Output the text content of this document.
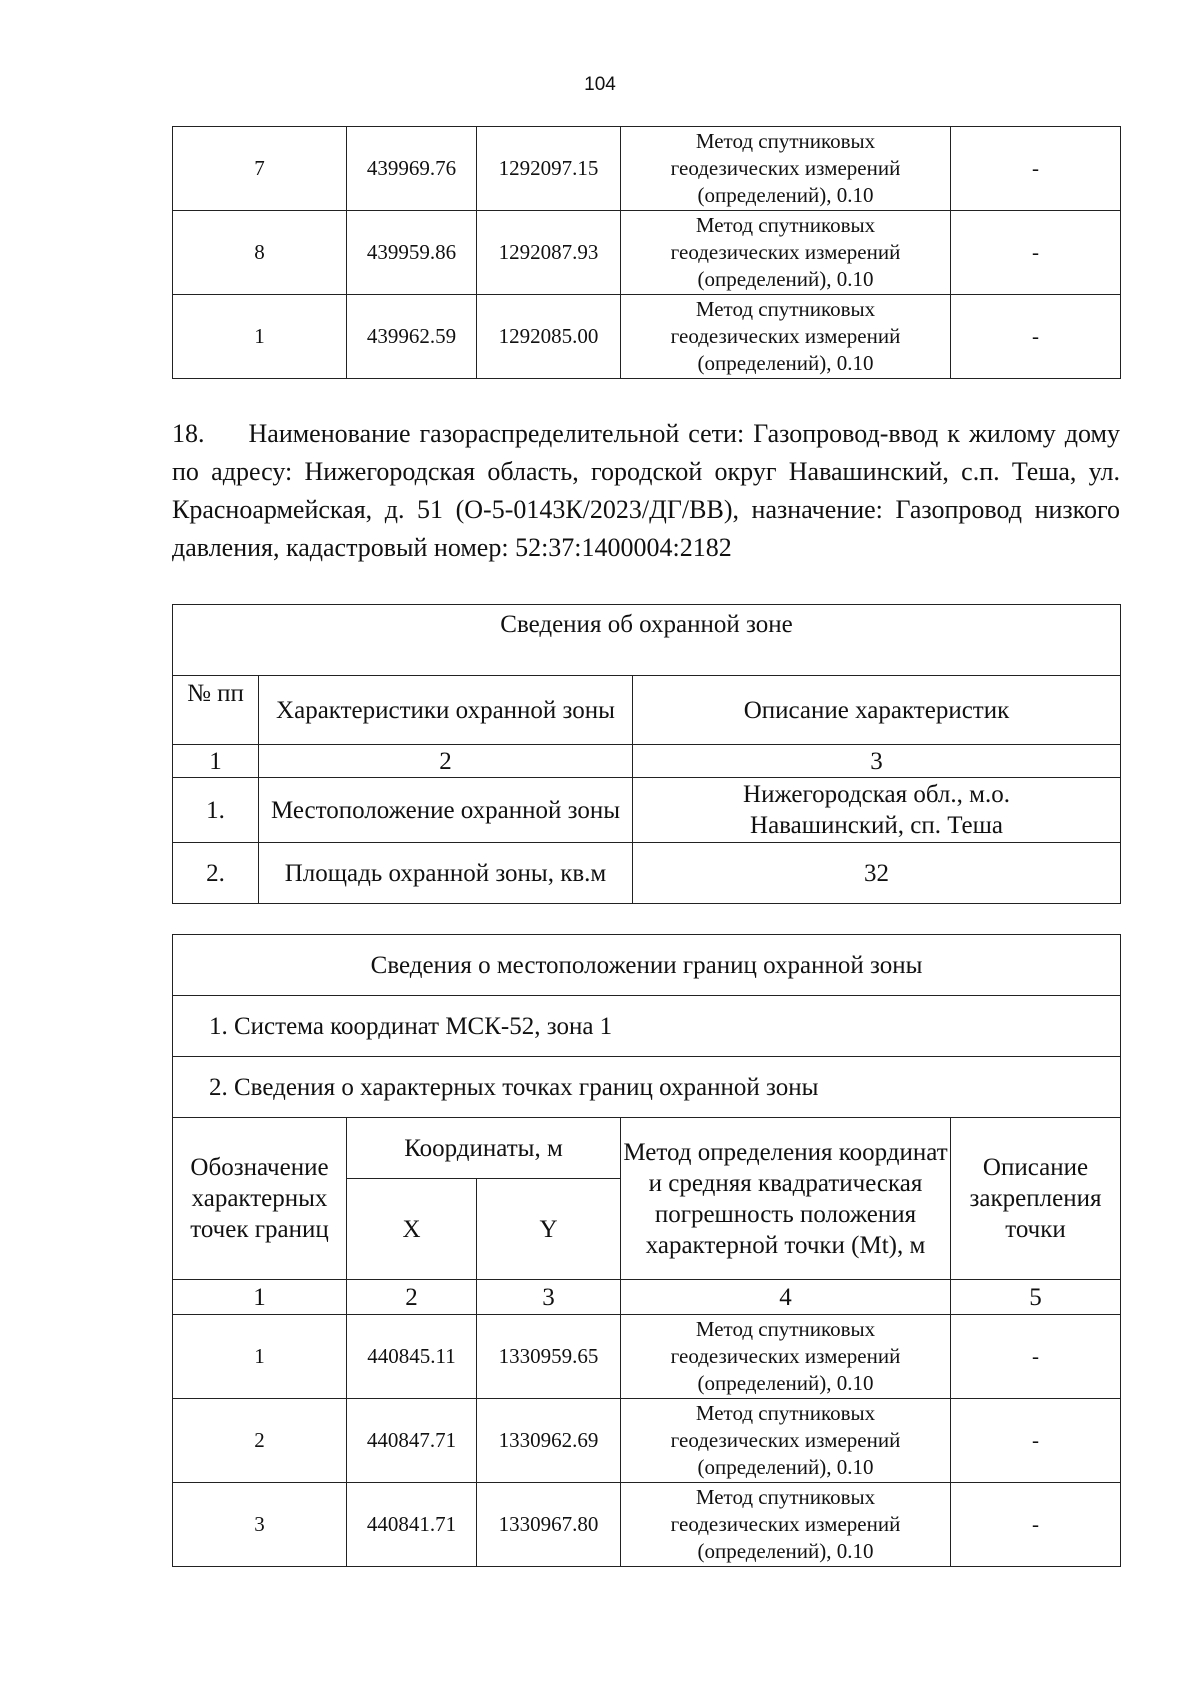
104
7	439969.76	1292097.15	Метод спутниковых
геодезических измерений
(определений), 0.10	-
8	439959.86	1292087.93	Метод спутниковых
геодезических измерений
(определений), 0.10	-
1	439962.59	1292085.00	Метод спутниковых
геодезических измерений
(определений), 0.10	-
18. Наименование газораспределительной сети: Газопровод-ввод к жилому дому по адресу: Нижегородская область, городской округ Навашинский, с.п. Теша, ул. Красноармейская, д. 51 (О-5-0143К/2023/ДГ/ВВ), назначение: Газопровод низкого давления, кадастровый номер: 52:37:1400004:2182
Сведения об охранной зоне		
№ пп	Характеристики охранной зоны	Описание характеристик
1	2	3
1.	Местоположение охранной зоны	Нижегородская обл., м.о.
Навашинский, сп. Теша

2.	Площадь охранной зоны, кв.м	32
Сведения о местоположении границ охранной зоны				
1. Система координат МСК-52, зона 1				
2. Сведения о характерных точках границ охранной зоны				
Обозначение характерных точек границ	Координаты, м		Метод определения координат и средняя квадратическая погрешность положения характерной точки (Mt), м	Описание закрепления точки
	X	Y		
1	2	3	4	5
1	440845.11	1330959.65	Метод спутниковых
геодезических измерений
(определений), 0.10	-
2	440847.71	1330962.69	Метод спутниковых
геодезических измерений
(определений), 0.10	-
3	440841.71	1330967.80	Метод спутниковых
геодезических измерений
(определений), 0.10	-
